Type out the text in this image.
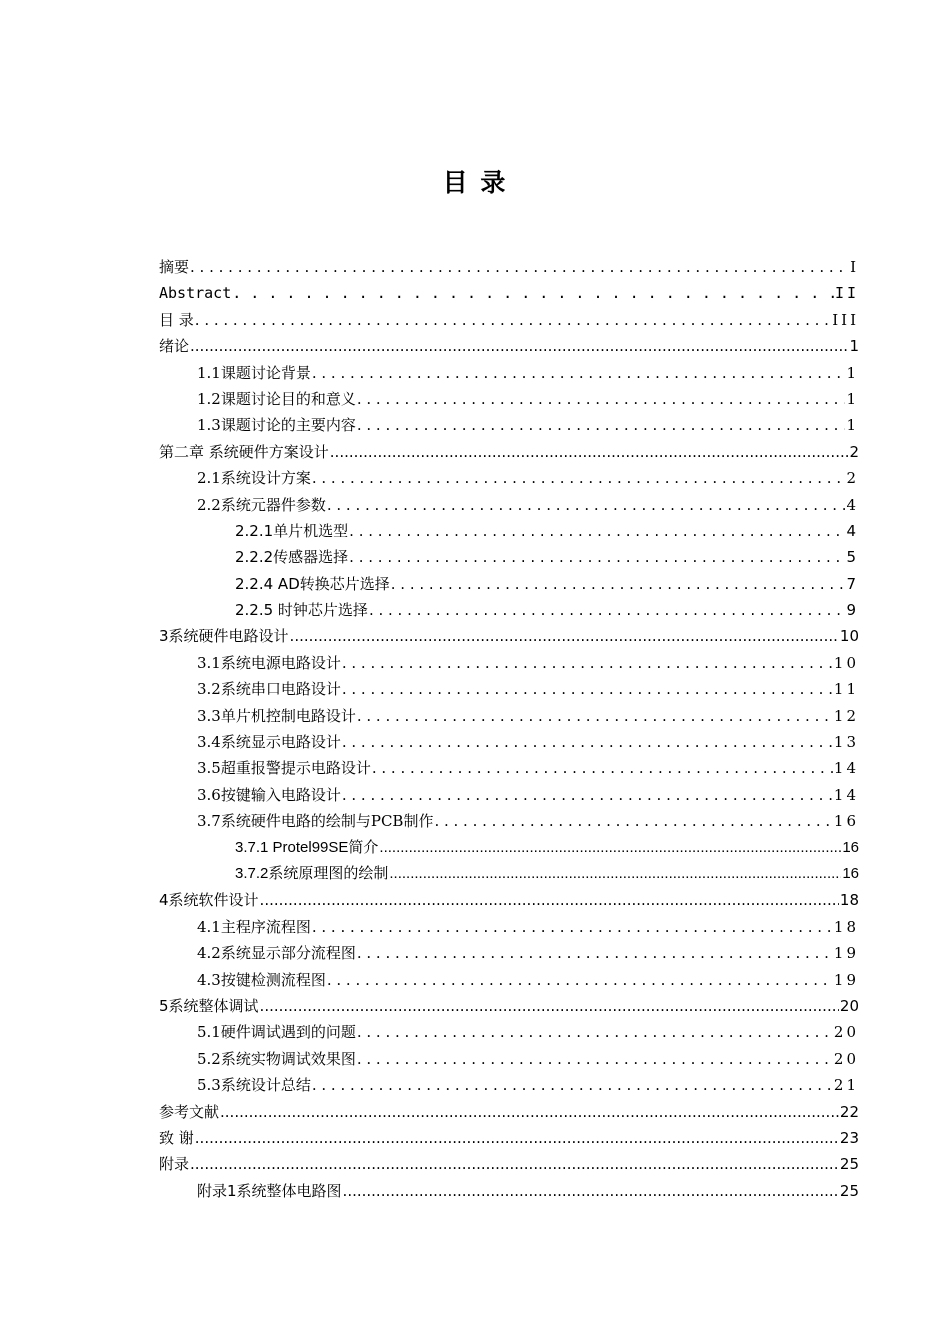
目 录
摘要 . . .	I
Abstract . . .	II
目 录 . . .	III
绪论 .....	1
1.1课题讨论背景 . . .	1
1.2课题讨论目的和意义 . . .	1
1.3课题讨论的主要内容 . . .	1
第二章 系统硬件方案设计 .....	2
2.1系统设计方案 . . .	2
2.2系统元器件参数 . . .	4
2.2.1单片机选型 . . .	4
2.2.2传感器选择 . . .	5
2.2.4 AD转换芯片选择 . . .	7
2.2.5 时钟芯片选择 . . .	9
3系统硬件电路设计 .....	10
3.1系统电源电路设计 . . .	10
3.2系统串口电路设计 . . .	11
3.3单片机控制电路设计 . . .	12
3.4系统显示电路设计 . . .	13
3.5超重报警提示电路设计 . . .	14
3.6按键输入电路设计 . . .	14
3.7系统硬件电路的绘制与PCB制作 . . .	16
3.7.1 Protel99SE简介 .....	16
3.7.2系统原理图的绘制 .....	16
4系统软件设计 .....	18
4.1主程序流程图 . . .	18
4.2系统显示部分流程图 . . .	19
4.3按键检测流程图 . . .	19
5系统整体调试 .....	20
5.1硬件调试遇到的问题 . . .	20
5.2系统实物调试效果图 . . .	20
5.3系统设计总结 . . .	21
参考文献 .....	22
致 谢 .....	23
附录 .....	25
附录1系统整体电路图 .....	25
